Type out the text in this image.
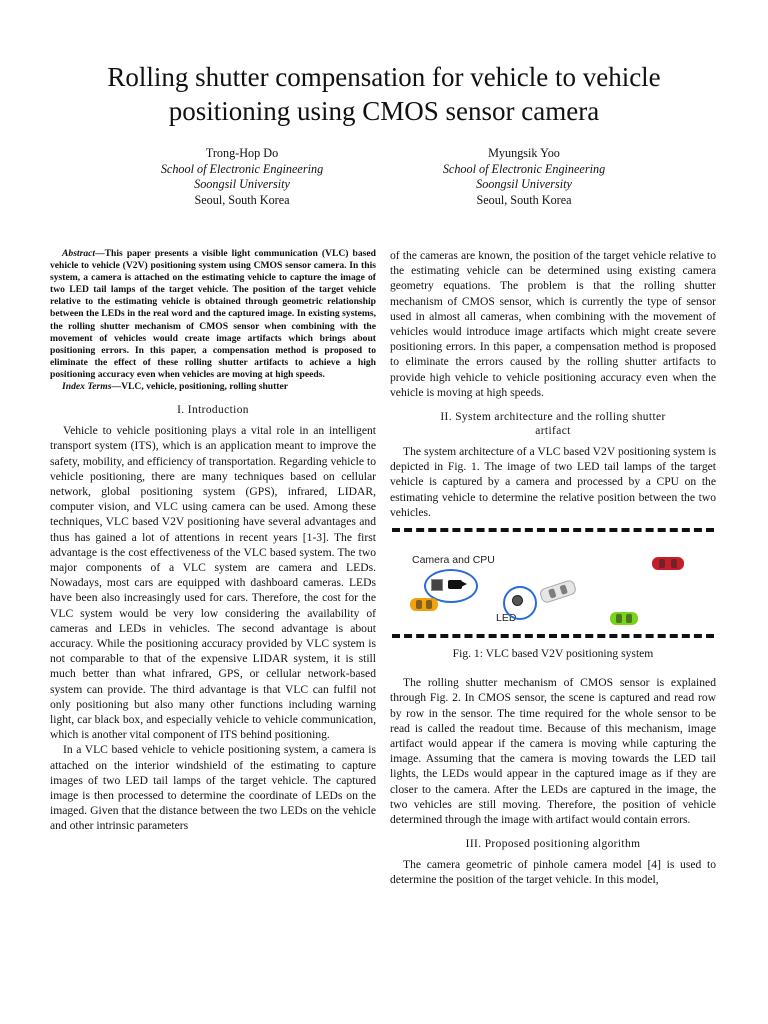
Rolling shutter compensation for vehicle to vehicle
positioning using CMOS sensor camera
Trong-Hop Do
School of Electronic Engineering
Soongsil University
Seoul, South Korea
Myungsik Yoo
School of Electronic Engineering
Soongsil University
Seoul, South Korea

Abstract—This paper presents a visible light communication (VLC) based vehicle to vehicle (V2V) positioning system using CMOS sensor camera. In this system, a camera is attached on the estimating vehicle to capture the image of two LED tail lamps of the target vehicle. The position of the target vehicle relative to the estimating vehicle is obtained through geometric relationship between the LEDs in the real word and the captured image. In existing systems, the rolling shutter mechanism of CMOS sensor when combining with the movement of vehicles would create image artifacts which brings about positioning errors. In this paper, a compensation method is proposed to eliminate the effect of these rolling shutter artifacts to achieve a high positioning accuracy even when vehicles are moving at high speeds.

Index Terms—VLC, vehicle, positioning, rolling shutter

I. Introduction

Vehicle to vehicle positioning plays a vital role in an intelligent transport system (ITS), which is an application meant to improve the safety, mobility, and efficiency of transportation. Regarding vehicle to vehicle positioning, there are many techniques based on cellular network, global positioning system (GPS), infrared, LIDAR, computer vision, and VLC using camera can be used. Among these techniques, VLC based V2V positioning have several advantages and thus has gained a lot of attentions in recent years [1-3]. The first advantage is the cost effectiveness of the VLC based system. The two major components of a VLC system are camera and LEDs. Nowadays, most cars are equipped with dashboard cameras. LEDs have been also increasingly used for cars. Therefore, the cost for the VLC system would be very low considering the availability of cameras and LEDs in vehicles. The second advantage is about accuracy. While the positioning accuracy provided by VLC system is not comparable to that of the expensive LIDAR system, it is still much better than what infrared, GPS, or cellular network-based system can provide. The third advantage is that VLC can fulfil not only positioning but also many other functions including warning light, car black box, and especially vehicle to vehicle communication, which is another vital component of ITS behind positioning.

In a VLC based vehicle to vehicle positioning system, a camera is attached on the interior windshield of the estimating to capture images of two LED tail lamps of the target vehicle. The captured image is then processed to determine the coordinate of LEDs on the imaged. Given that the distance between the two LEDs on the vehicle and other intrinsic parameters

of the cameras are known, the position of the target vehicle relative to the estimating vehicle can be determined using existing camera geometry equations. The problem is that the rolling shutter mechanism of CMOS sensor, which is currently the type of sensor used in almost all cameras, when combining with the movement of vehicles would introduce image artifacts which might create severe positioning errors. In this paper, a compensation method is proposed to eliminate the errors caused by the rolling shutter artifacts to provide high vehicle to vehicle positioning accuracy even when the vehicle is moving at high speeds.

II. System architecture and the rolling shutter
artifact

The system architecture of a VLC based V2V positioning system is depicted in Fig. 1. The image of two LED tail lamps of the target vehicle is captured by a camera and processed by a CPU on the estimating vehicle to determine the relative position between the two vehicles.

Camera and CPU
LED
Fig. 1: VLC based V2V positioning system

The rolling shutter mechanism of CMOS sensor is explained through Fig. 2. In CMOS sensor, the scene is captured and read row by row in the sensor. The time required for the whole sensor to be read is called the readout time. Because of this mechanism, image artifact would appear if the camera is moving while capturing the image. Assuming that the camera is moving towards the LED tail lights, the LEDs would appear in the captured image as if they are closer to the camera. After the LEDs are captured in the image, the two vehicles are still moving. Therefore, the position of vehicle determined through the image with artifact would contain errors.

III. Proposed positioning algorithm

The camera geometric of pinhole camera model [4] is used to determine the position of the target vehicle. In this model,
